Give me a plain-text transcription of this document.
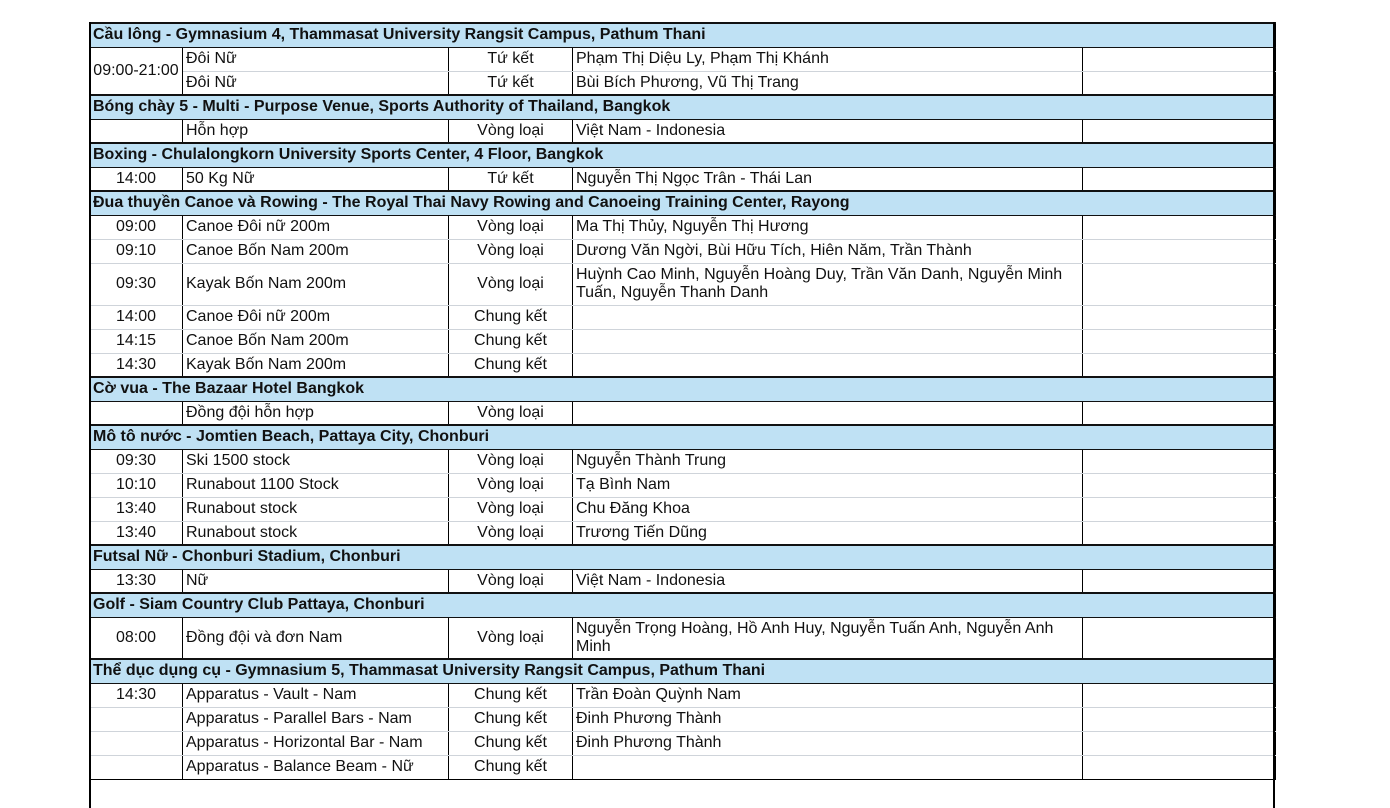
Cầu lông - Gymnasium 4, Thammasat University Rangsit Campus, Pathum Thani				
09:00-21:00	Đôi Nữ	Tứ kết	Phạm Thị Diệu Ly, Phạm Thị Khánh	
	Đôi Nữ	Tứ kết	Bùi Bích Phương, Vũ Thị Trang	
Bóng chày 5 - Multi - Purpose Venue, Sports Authority of Thailand, Bangkok				
	Hỗn hợp	Vòng loại	Việt Nam - Indonesia	
Boxing - Chulalongkorn University Sports Center, 4 Floor, Bangkok				
14:00	50 Kg Nữ	Tứ kết	Nguyễn Thị Ngọc Trân - Thái Lan	
Đua thuyền Canoe và Rowing - The Royal Thai Navy Rowing and Canoeing Training Center, Rayong				
09:00	Canoe Đôi nữ 200m	Vòng loại	Ma Thị Thủy, Nguyễn Thị Hương	
09:10	Canoe Bốn Nam 200m	Vòng loại	Dương Văn Ngời, Bùi Hữu Tích, Hiên Năm, Trần Thành	
09:30	Kayak Bốn Nam 200m	Vòng loại	Huỳnh Cao Minh, Nguyễn Hoàng Duy, Trần Văn Danh, Nguyễn Minh Tuấn, Nguyễn Thanh Danh	
14:00	Canoe Đôi nữ 200m	Chung kết		
14:15	Canoe Bốn Nam 200m	Chung kết		
14:30	Kayak Bốn Nam 200m	Chung kết		
Cờ vua - The Bazaar Hotel Bangkok				
	Đồng đội hỗn hợp	Vòng loại		
Mô tô nước - Jomtien Beach, Pattaya City, Chonburi				
09:30	Ski 1500 stock	Vòng loại	Nguyễn Thành Trung	
10:10	Runabout 1100 Stock	Vòng loại	Tạ Bình Nam	
13:40	Runabout stock	Vòng loại	Chu Đăng Khoa	
13:40	Runabout stock	Vòng loại	Trương Tiến Dũng	
Futsal Nữ - Chonburi Stadium, Chonburi				
13:30	Nữ	Vòng loại	Việt Nam - Indonesia	
Golf - Siam Country Club Pattaya, Chonburi				
08:00	Đồng đội và đơn Nam	Vòng loại	Nguyễn Trọng Hoàng, Hồ Anh Huy, Nguyễn Tuấn Anh, Nguyễn Anh Minh	
Thể dục dụng cụ - Gymnasium 5, Thammasat University Rangsit Campus, Pathum Thani				
14:30	Apparatus - Vault - Nam	Chung kết	Trần Đoàn Quỳnh Nam	
	Apparatus - Parallel Bars - Nam	Chung kết	Đinh Phương Thành	
	Apparatus - Horizontal Bar - Nam	Chung kết	Đinh Phương Thành	
	Apparatus - Balance Beam - Nữ	Chung kết		
